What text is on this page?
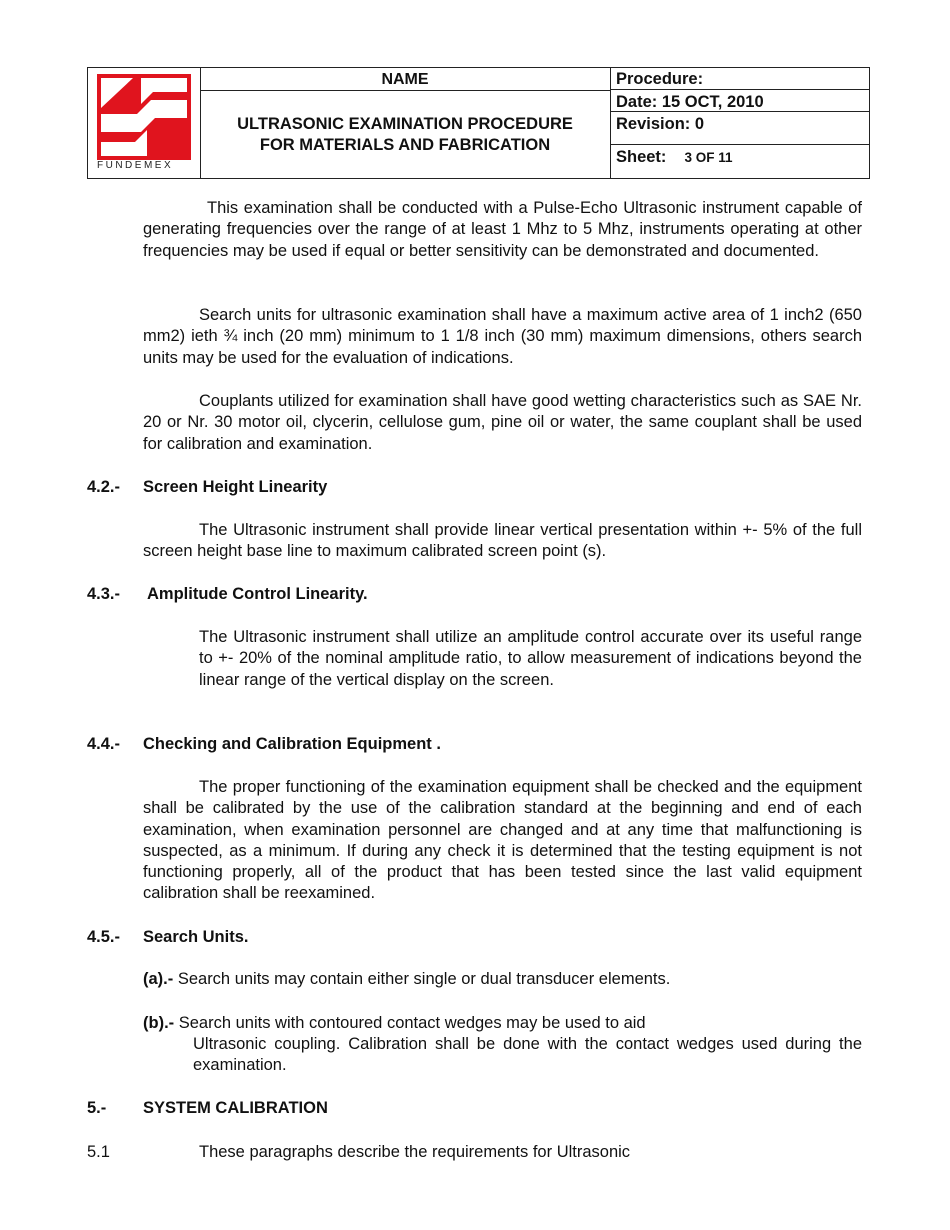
FUNDEMEX
NAME
ULTRASONIC EXAMINATION PROCEDURE
FOR MATERIALS AND FABRICATION
Procedure:
Date: 15 OCT, 2010
Revision: 0
Sheet: 3 OF 11
This examination shall be conducted with a Pulse-Echo Ultrasonic instrument capable of generating frequencies over the range of at least 1 Mhz to 5 Mhz, instruments operating at other frequencies may be used if equal or better sensitivity can be demonstrated and documented.
Search units for ultrasonic examination shall have a maximum active area of 1 inch2 (650 mm2) ieth ¾ inch (20 mm) minimum to 1 1/8 inch (30 mm) maximum dimensions, others search units may be used for the evaluation of indications.
Couplants utilized for examination shall have good wetting characteristics such as SAE Nr. 20 or Nr. 30 motor oil, clycerin, cellulose gum, pine oil or water, the same couplant shall be used for calibration and examination.
4.2.- Screen Height Linearity
The Ultrasonic instrument shall provide linear vertical presentation within +- 5% of the full screen height base line to maximum calibrated screen point (s).
4.3.- Amplitude Control Linearity.
The Ultrasonic instrument shall utilize an amplitude control accurate over its useful range to +- 20% of the nominal amplitude ratio, to allow measurement of indications beyond the linear range of the vertical display on the screen.
4.4.- Checking and Calibration Equipment .
The proper functioning of the examination equipment shall be checked and the equipment shall be calibrated by the use of the calibration standard at the beginning and end of each examination, when examination personnel are changed and at any time that malfunctioning is suspected, as a minimum. If during any check it is determined that the testing equipment is not functioning properly, all of the product that has been tested since the last valid equipment calibration shall be reexamined.
4.5.- Search Units.
(a).- Search units may contain either single or dual transducer elements.
(b).- Search units with contoured contact wedges may be used to aid
Ultrasonic coupling. Calibration shall be done with the contact wedges used during the examination.
5.- SYSTEM CALIBRATION
5.1	These paragraphs describe the requirements for Ultrasonic
